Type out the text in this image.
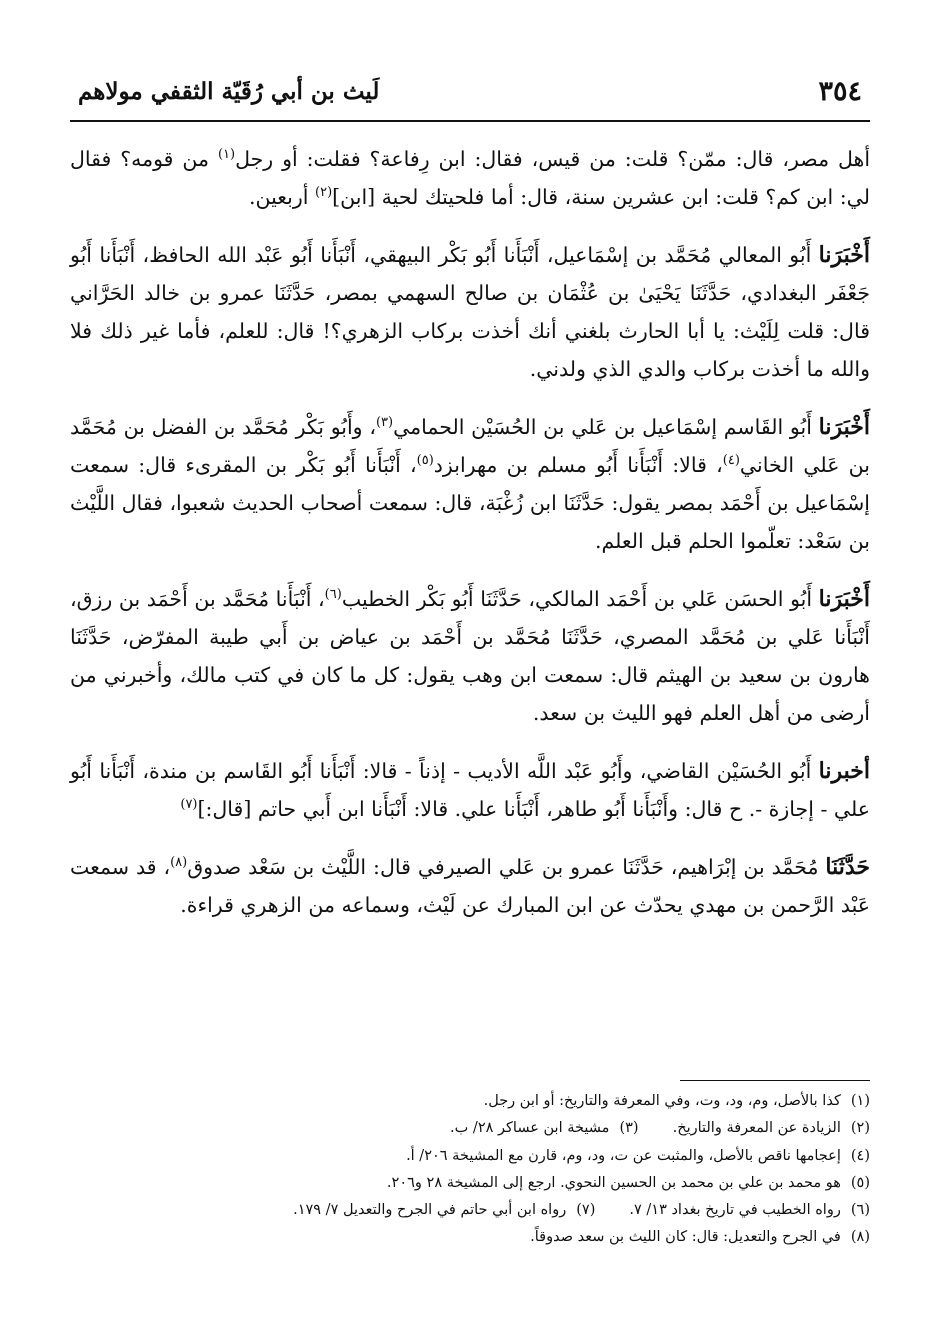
٣٥٤
لَيث بن أبي رُقَيّة الثقفي مولاهم

أهل مصر، قال: ممّن؟ قلت: من قيس، فقال: ابن رِفاعة؟ فقلت: أو رجل$^{(١)}$ من قومه؟ فقال لي: ابن كم؟ قلت: ابن عشرين سنة، قال: أما فلحيتك لحية [ابن]$^{(٢)}$ أربعين.

أَخْبَرَنا أَبُو المعالي مُحَمَّد بن إسْمَاعيل، أَنْبَأَنا أَبُو بَكْر البيهقي، أَنْبَأَنا أَبُو عَبْد الله الحافظ، أَنْبَأَنا أَبُو جَعْفَر البغدادي، حَدَّثَنَا يَحْيَىٰ بن عُثْمَان بن صالح السهمي بمصر، حَدَّثَنَا عمرو بن خالد الحَرَّاني قال: قلت لِلَيْث: يا أبا الحارث بلغني أنك أخذت بركاب الزهري؟! قال: للعلم، فأما غير ذلك فلا والله ما أخذت بركاب والدي الذي ولدني.

أَخْبَرَنا أَبُو القَاسم إسْمَاعيل بن عَلي بن الحُسَيْن الحمامي$^{(٣)}$، وأَبُو بَكْر مُحَمَّد بن الفضل بن مُحَمَّد بن عَلي الخاني$^{(٤)}$، قالا: أَنْبَأَنا أَبُو مسلم بن مهرابزد$^{(٥)}$، أَنْبَأَنا أَبُو بَكْر بن المقرىء قال: سمعت إسْمَاعيل بن أَحْمَد بمصر يقول: حَدَّثَنَا ابن زُغْبَة، قال: سمعت أصحاب الحديث شعبوا، فقال اللَّيْث بن سَعْد: تعلّموا الحلم قبل العلم.

أَخْبَرَنا أَبُو الحسَن عَلي بن أَحْمَد المالكي، حَدَّثَنَا أَبُو بَكْر الخطيب$^{(٦)}$، أَنْبَأَنا مُحَمَّد بن أَحْمَد بن رزق، أَنْبَأَنا عَلي بن مُحَمَّد المصري، حَدَّثَنَا مُحَمَّد بن أَحْمَد بن عياض بن أَبي طيبة المفرّض، حَدَّثَنَا هارون بن سعيد بن الهيثم قال: سمعت ابن وهب يقول: كل ما كان في كتب مالك، وأخبرني من أرضى من أهل العلم فهو الليث بن سعد.

أخبرنا أَبُو الحُسَيْن القاضي، وأَبُو عَبْد اللَّه الأديب - إذناً - قالا: أَنْبَأَنا أَبُو القَاسم بن مندة، أَنْبَأَنا أَبُو علي - إجازة -. ح قال: وأَنْبَأَنا أَبُو طاهر، أَنْبَأَنا علي. قالا: أَنْبَأَنا ابن أَبي حاتم [قال:]$^{(٧)}$

حَدَّثَنَا مُحَمَّد بن إبْرَاهيم، حَدَّثَنَا عمرو بن عَلي الصيرفي قال: اللَّيْث بن سَعْد صدوق$^{(٨)}$، قد سمعت عَبْد الرَّحمن بن مهدي يحدّث عن ابن المبارك عن لَيْث، وسماعه من الزهري قراءة.

(١)
كذا بالأصل، وم، ود، وت، وفي المعرفة والتاريخ: أو ابن رجل.
(٢)
الزيادة عن المعرفة والتاريخ.
(٣)
مشيخة ابن عساكر ٢٨/ ب.
(٤)
إعجامها ناقص بالأصل، والمثبت عن ت، ود، وم، قارن مع المشيخة ٢٠٦/ أ.
(٥)
هو محمد بن علي بن محمد بن الحسين النحوي. ارجع إلى المشيخة ٢٨ و٢٠٦.
(٦)
رواه الخطيب في تاريخ بغداد ١٣/ ٧.
(٧)
رواه ابن أبي حاتم في الجرح والتعديل ٧/ ١٧٩.
(٨)
في الجرح والتعديل: قال: كان الليث بن سعد صدوقاً.
